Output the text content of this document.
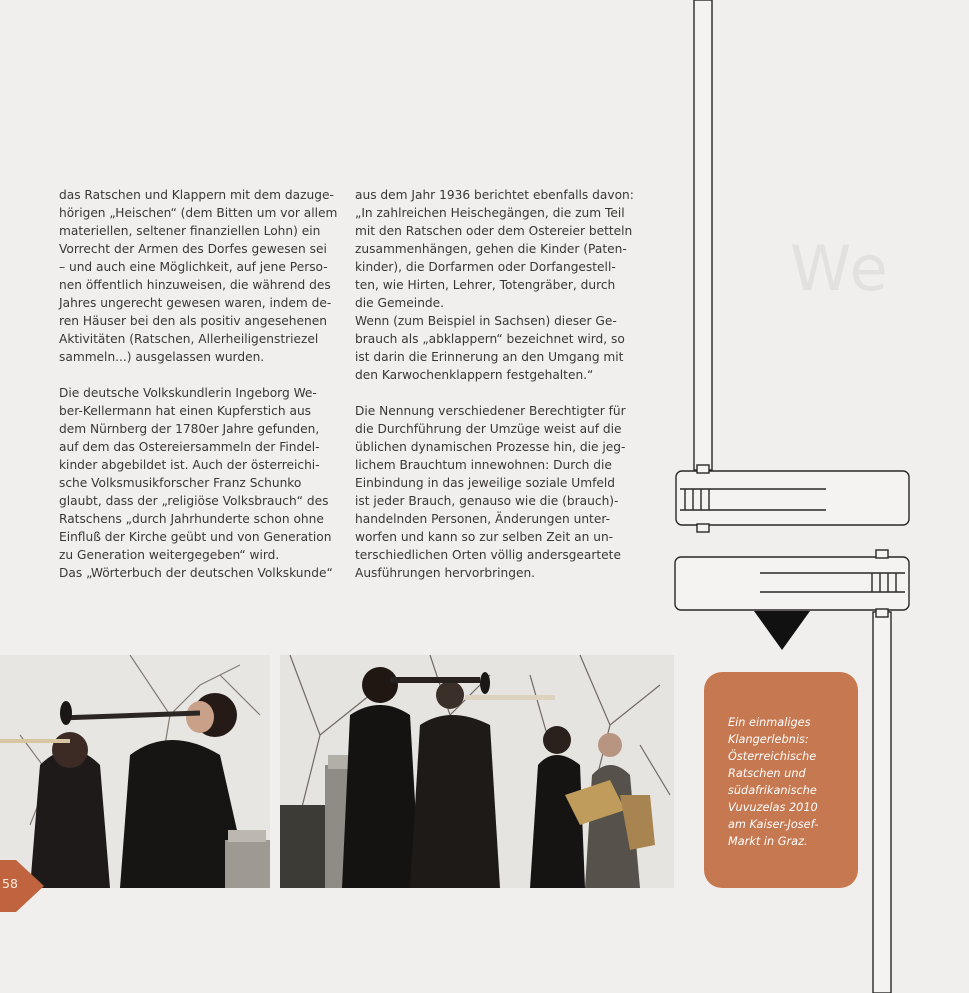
We

das Ratschen und Klappern mit dem dazuge-
hörigen „Heischen“ (dem Bitten um vor allem
materiellen, seltener finanziellen Lohn) ein
Vorrecht der Armen des Dorfes gewesen sei
– und auch eine Möglichkeit, auf jene Perso-
nen öffentlich hinzuweisen, die während des
Jahres ungerecht gewesen waren, indem de-
ren Häuser bei den als positiv angesehenen
Aktivitäten (Ratschen, Allerheiligenstriezel
sammeln...) ausgelassen wurden.

Die deutsche Volkskundlerin Ingeborg We-
ber-Kellermann hat einen Kupferstich aus
dem Nürnberg der 1780er Jahre gefunden,
auf dem das Ostereiersammeln der Findel-
kinder abgebildet ist. Auch der österreichi-
sche Volksmusikforscher Franz Schunko
glaubt, dass der „religiöse Volksbrauch“ des
Ratschens „durch Jahrhunderte schon ohne
Einfluß der Kirche geübt und von Generation
zu Generation weitergegeben“ wird.

Das „Wörterbuch der deutschen Volkskunde“

aus dem Jahr 1936 berichtet ebenfalls davon:
„In zahlreichen Heischegängen, die zum Teil
mit den Ratschen oder dem Ostereier betteln
zusammenhängen, gehen die Kinder (Paten-
kinder), die Dorfarmen oder Dorfangestell-
ten, wie Hirten, Lehrer, Totengräber, durch
die Gemeinde.

Wenn (zum Beispiel in Sachsen) dieser Ge-
brauch als „abklappern“ bezeichnet wird, so
ist darin die Erinnerung an den Umgang mit
den Karwochenklappern festgehalten.“

Die Nennung verschiedener Berechtigter für
die Durchführung der Umzüge weist auf die
üblichen dynamischen Prozesse hin, die jeg-
lichem Brauchtum innewohnen: Durch die
Einbindung in das jeweilige soziale Umfeld
ist jeder Brauch, genauso wie die (brauch)-
handelnden Personen, Änderungen unter-
worfen und kann so zur selben Zeit an un-
terschiedlichen Orten völlig andersgeartete
Ausführungen hervorbringen.

Ein einmaliges
Klangerlebnis:
Österreichische
Ratschen und
südafrikanische
Vuvuzelas 2010
am Kaiser-Josef-
Markt in Graz.
58
